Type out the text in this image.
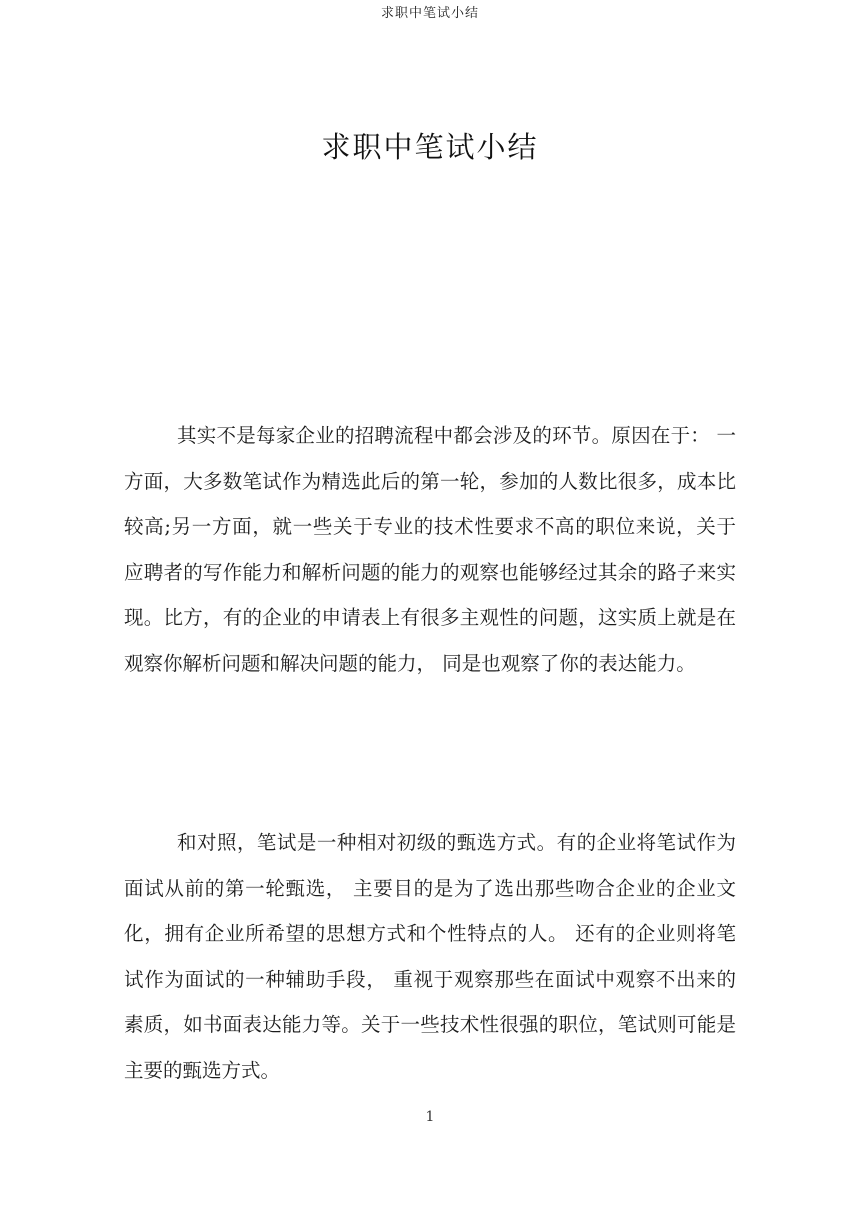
求职中笔试小结
求职中笔试小结
其实不是每家企业的招聘流程中都会涉及的环节。原因在于： 一
方面，大多数笔试作为精选此后的第一轮，参加的人数比很多，成本比
较高;另一方面，就一些关于专业的技术性要求不高的职位来说，关于
应聘者的写作能力和解析问题的能力的观察也能够经过其余的路子来实
现。比方，有的企业的申请表上有很多主观性的问题，这实质上就是在
观察你解析问题和解决问题的能力， 同是也观察了你的表达能力。
和对照，笔试是一种相对初级的甄选方式。有的企业将笔试作为
面试从前的第一轮甄选， 主要目的是为了选出那些吻合企业的企业文
化，拥有企业所希望的思想方式和个性特点的人。 还有的企业则将笔
试作为面试的一种辅助手段， 重视于观察那些在面试中观察不出来的
素质，如书面表达能力等。关于一些技术性很强的职位，笔试则可能是
主要的甄选方式。
1
